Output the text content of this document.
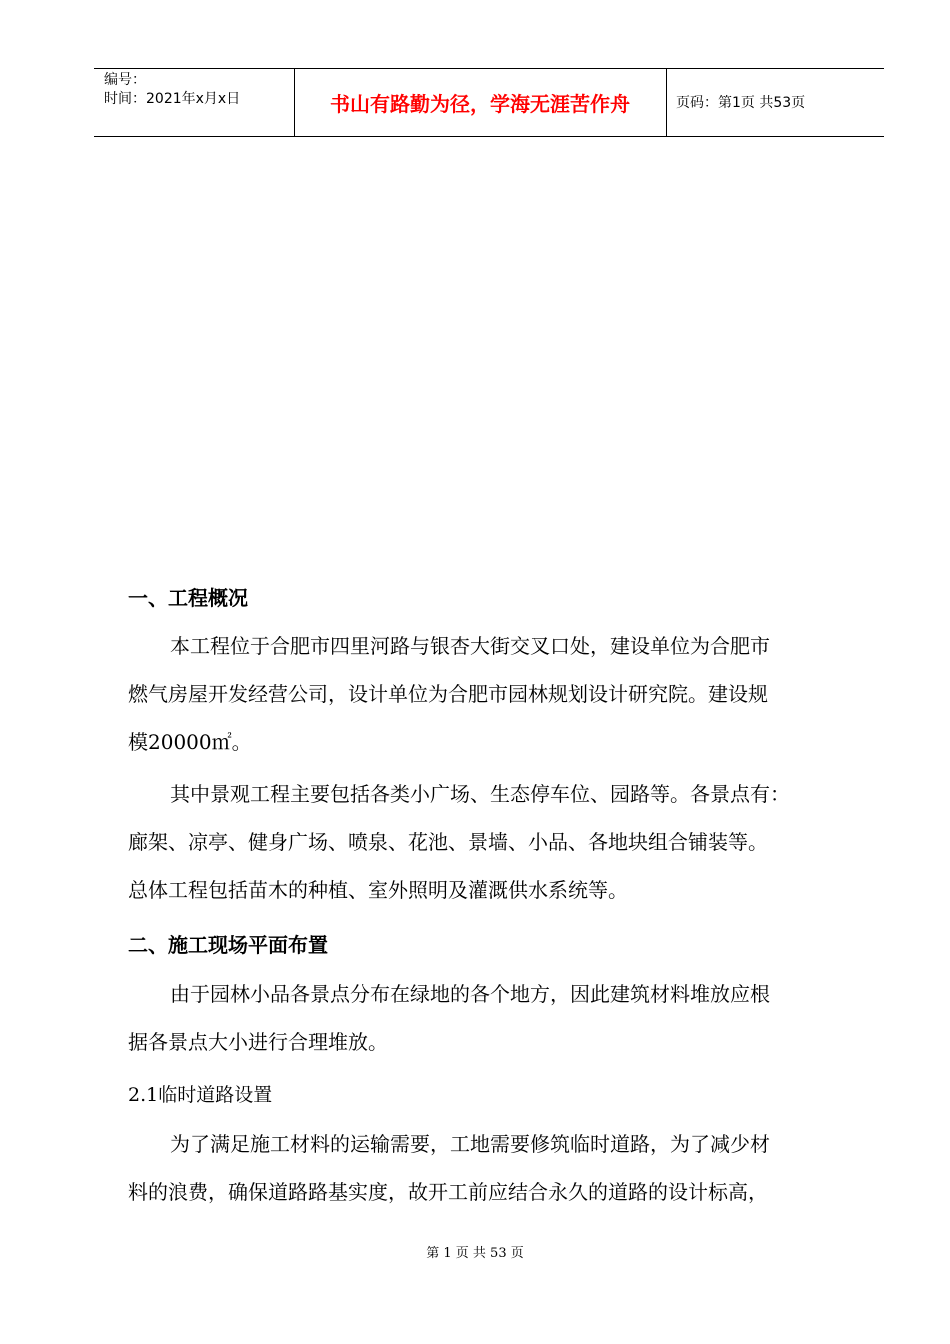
编号：
时间：2021年x月x日	书山有路勤为径，学海无涯苦作舟	页码：第1页 共53页
一、工程概况
本工程位于合肥市四里河路与银杏大街交叉口处，建设单位为合肥市
燃气房屋开发经营公司，设计单位为合肥市园林规划设计研究院。建设规
模20000㎡。
其中景观工程主要包括各类小广场、生态停车位、园路等。各景点有：
廊架、凉亭、健身广场、喷泉、花池、景墙、小品、各地块组合铺装等。
总体工程包括苗木的种植、室外照明及灌溉供水系统等。
二、施工现场平面布置
由于园林小品各景点分布在绿地的各个地方，因此建筑材料堆放应根
据各景点大小进行合理堆放。
2.1临时道路设置
为了满足施工材料的运输需要，工地需要修筑临时道路，为了减少材
料的浪费，确保道路路基实度，故开工前应结合永久的道路的设计标高，
第 1 页 共 53 页
